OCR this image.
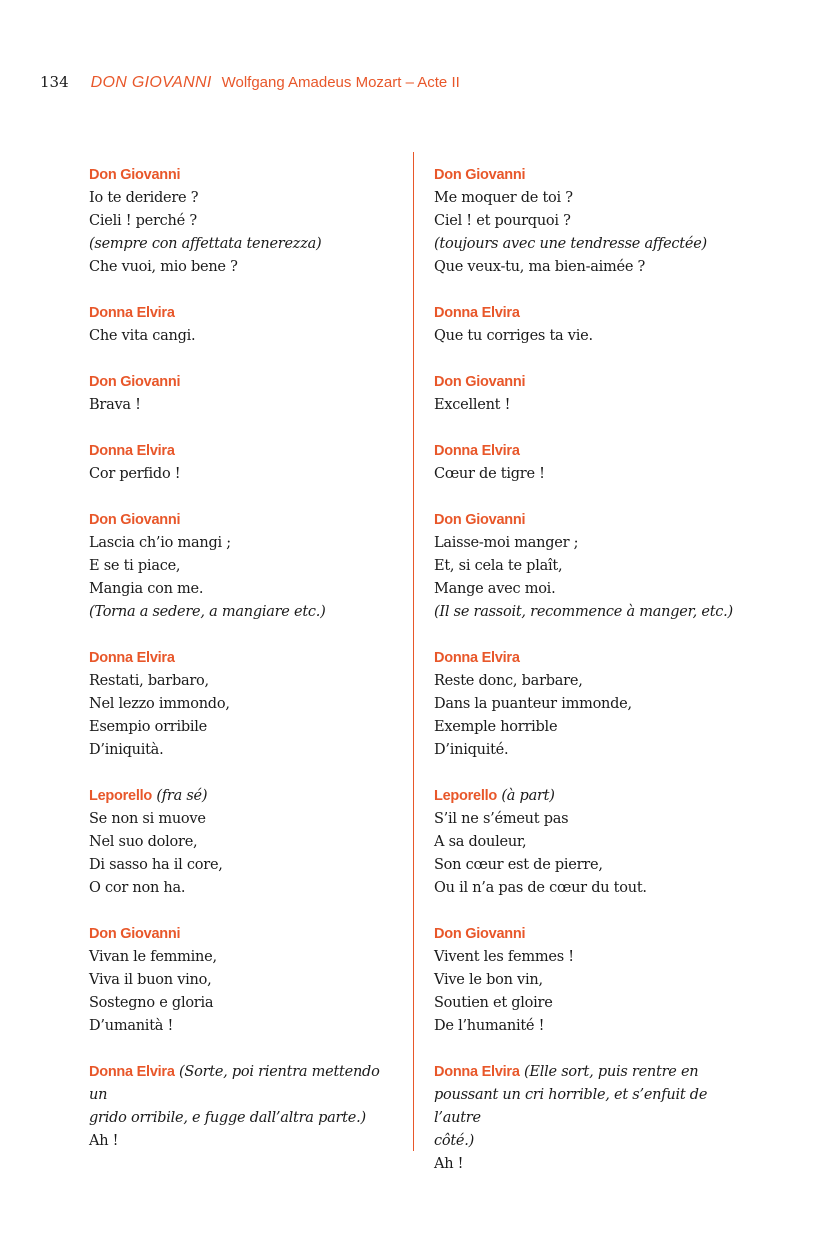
134 DON GIOVANNI Wolfgang Amadeus Mozart – Acte II
Don Giovanni
Io te deridere ?
Cieli ! perché ?
(sempre con affettata tenerezza)
Che vuoi, mio bene ?
Donna Elvira
Che vita cangi.
Don Giovanni
Brava !
Donna Elvira
Cor perfido !
Don Giovanni
Lascia ch’io mangi ;
E se ti piace,
Mangia con me.
(Torna a sedere, a mangiare etc.)
Donna Elvira
Restati, barbaro,
Nel lezzo immondo,
Esempio orribile
D’iniquità.
Leporello (fra sé)
Se non si muove
Nel suo dolore,
Di sasso ha il core,
O cor non ha.
Don Giovanni
Vivan le femmine,
Viva il buon vino,
Sostegno e gloria
D’umanità !
Donna Elvira (Sorte, poi rientra mettendo un
grido orribile, e fugge dall’altra parte.)
Ah !
Don Giovanni
Me moquer de toi ?
Ciel ! et pourquoi ?
(toujours avec une tendresse affectée)
Que veux-tu, ma bien-aimée ?
Donna Elvira
Que tu corriges ta vie.
Don Giovanni
Excellent !
Donna Elvira
Cœur de tigre !
Don Giovanni
Laisse-moi manger ;
Et, si cela te plaît,
Mange avec moi.
(Il se rassoit, recommence à manger, etc.)
Donna Elvira
Reste donc, barbare,
Dans la puanteur immonde,
Exemple horrible
D’iniquité.
Leporello (à part)
S’il ne s’émeut pas
A sa douleur,
Son cœur est de pierre,
Ou il n’a pas de cœur du tout.
Don Giovanni
Vivent les femmes !
Vive le bon vin,
Soutien et gloire
De l’humanité !
Donna Elvira (Elle sort, puis rentre en
poussant un cri horrible, et s’enfuit de l’autre
côté.)
Ah !
